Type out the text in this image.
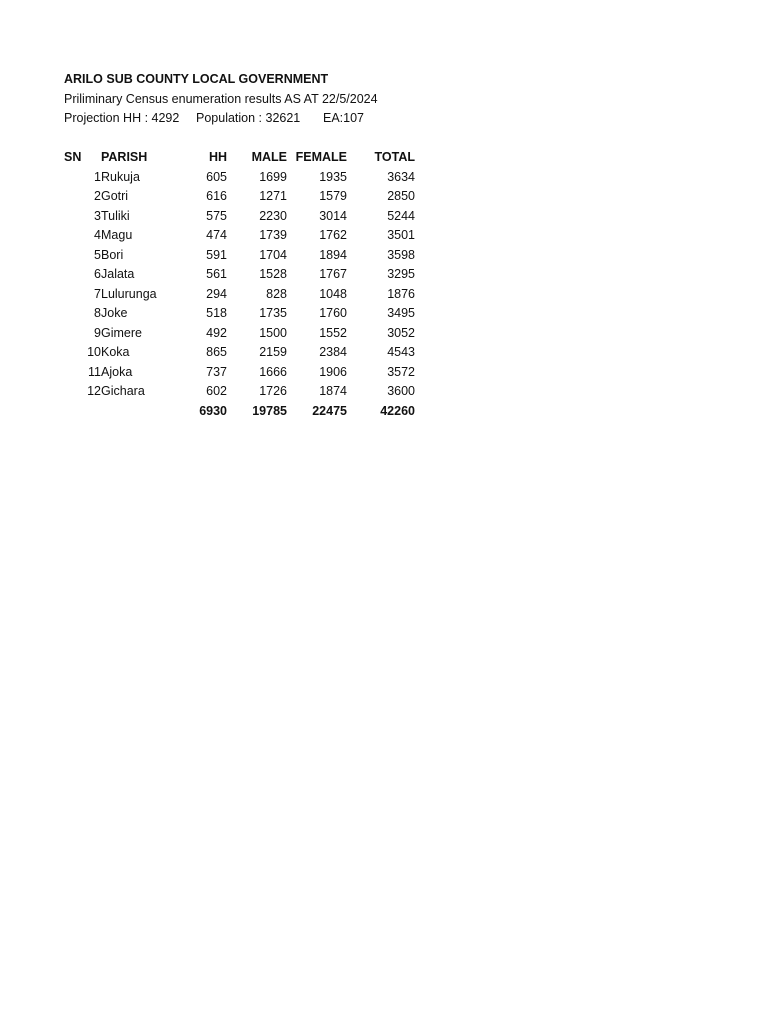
ARILO SUB COUNTY LOCAL GOVERNMENT
Priliminary Census enumeration results AS AT 22/5/2024
Projection HH : 4292 Population : 32621 EA:107
SN	PARISH	HH	MALE	FEMALE	TOTAL
1	Rukuja	605	1699	1935	3634
2	Gotri	616	1271	1579	2850
3	Tuliki	575	2230	3014	5244
4	Magu	474	1739	1762	3501
5	Bori	591	1704	1894	3598
6	Jalata	561	1528	1767	3295
7	Lulurunga	294	828	1048	1876
8	Joke	518	1735	1760	3495
9	Gimere	492	1500	1552	3052
10	Koka	865	2159	2384	4543
11	Ajoka	737	1666	1906	3572
12	Gichara	602	1726	1874	3600
		6930	19785	22475	42260
